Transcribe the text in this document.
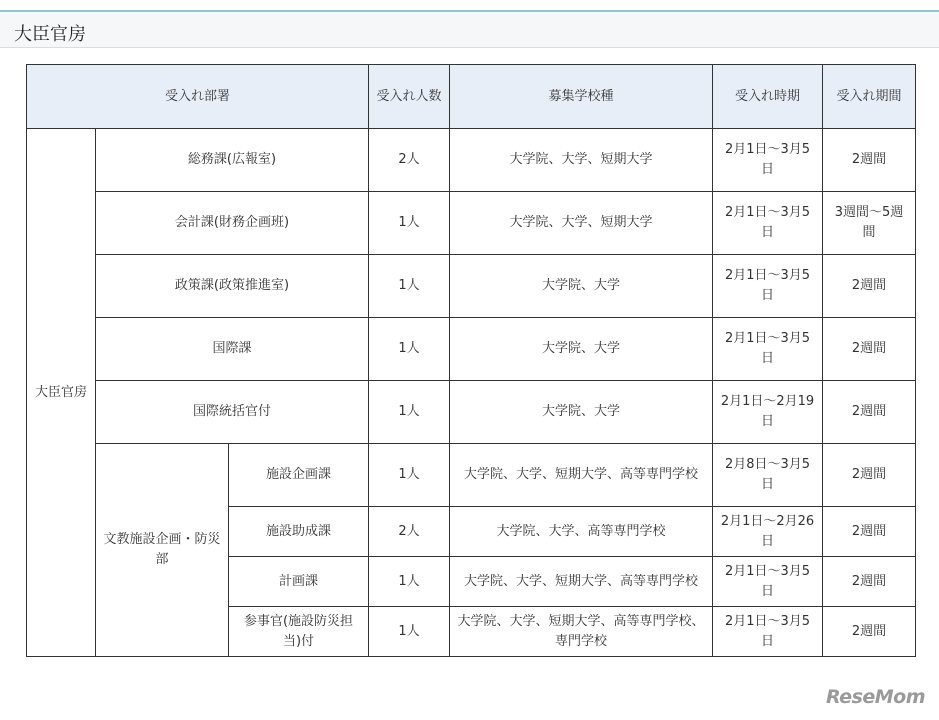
大臣官房
受入れ部署			受入れ人数	募集学校種	受入れ時期	受入れ期間
大臣官房	総務課(広報室)		2人	大学院、大学、短期大学	2月1日～3月5日	2週間
	会計課(財務企画班)		1人	大学院、大学、短期大学	2月1日～3月5日	3週間～5週間
	政策課(政策推進室)		1人	大学院、大学	2月1日～3月5日	2週間
	国際課		1人	大学院、大学	2月1日～3月5日	2週間
	国際統括官付		1人	大学院、大学	2月1日～2月19日	2週間
	文教施設企画・防災部	施設企画課	1人	大学院、大学、短期大学、高等専門学校	2月8日～3月5日	2週間
		施設助成課	2人	大学院、大学、高等専門学校	2月1日～2月26日	2週間
		計画課	1人	大学院、大学、短期大学、高等専門学校	2月1日～3月5日	2週間
		参事官(施設防災担当)付	1人	大学院、大学、短期大学、高等専門学校、専門学校	2月1日～3月5日	2週間
ReseMom
